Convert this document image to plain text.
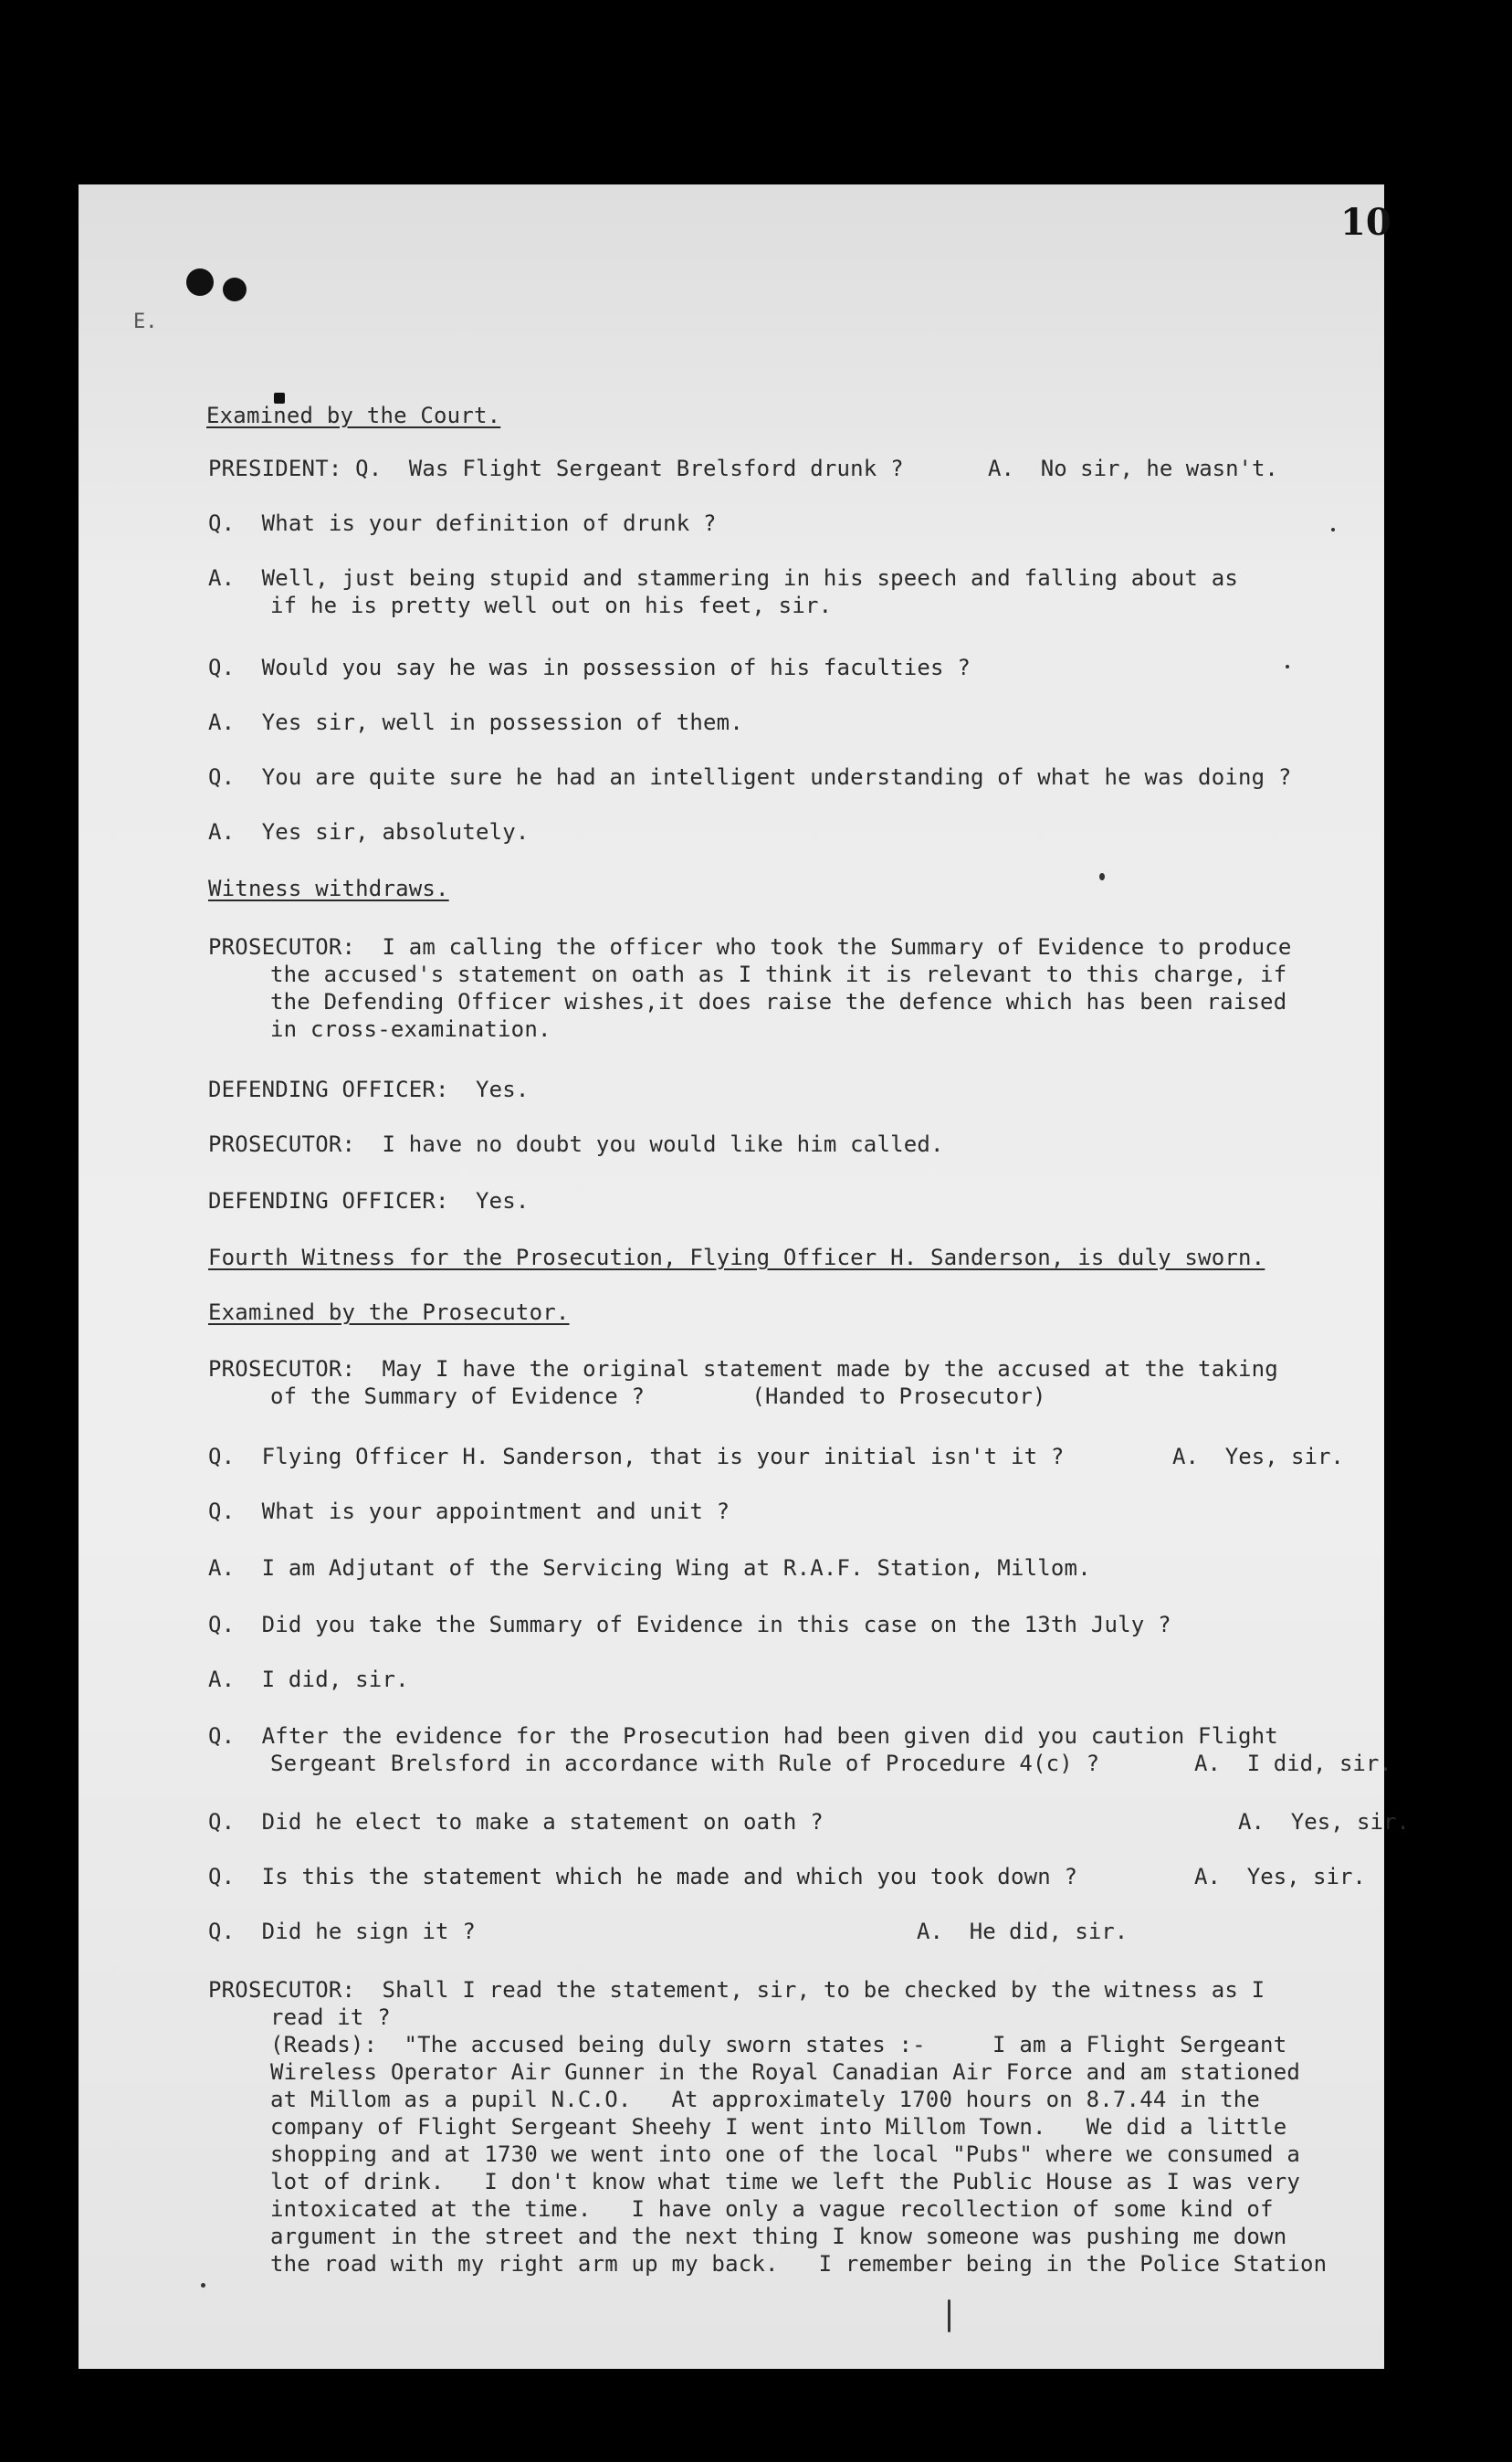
10
E.
Examined by the Court.
PRESIDENT: Q.  Was Flight Sergeant Brelsford drunk ?	A.  No sir, he wasn't.
Q.  What is your definition of drunk ?
A.  Well, just being stupid and stammering in his speech and falling about as
if he is pretty well out on his feet, sir.
Q.  Would you say he was in possession of his faculties ?
A.  Yes sir, well in possession of them.
Q.  You are quite sure he had an intelligent understanding of what he was doing ?
A.  Yes sir, absolutely.
Witness withdraws.
PROSECUTOR:  I am calling the officer who took the Summary of Evidence to produce
the accused's statement on oath as I think it is relevant to this charge, if
the Defending Officer wishes,it does raise the defence which has been raised
in cross-examination.
DEFENDING OFFICER:  Yes.
PROSECUTOR:  I have no doubt you would like him called.
DEFENDING OFFICER:  Yes.
Fourth Witness for the Prosecution, Flying Officer H. Sanderson, is duly sworn.
Examined by the Prosecutor.
PROSECUTOR:  May I have the original statement made by the accused at the taking
of the Summary of Evidence ?        (Handed to Prosecutor)
Q.  Flying Officer H. Sanderson, that is your initial isn't it ?	A.  Yes, sir.
Q.  What is your appointment and unit ?
A.  I am Adjutant of the Servicing Wing at R.A.F. Station, Millom.
Q.  Did you take the Summary of Evidence in this case on the 13th July ?
A.  I did, sir.
Q.  After the evidence for the Prosecution had been given did you caution Flight
Sergeant Brelsford in accordance with Rule of Procedure 4(c) ?	A.  I did, sir.
Q.  Did he elect to make a statement on oath ?	A.  Yes, sir.
Q.  Is this the statement which he made and which you took down ?	A.  Yes, sir.
Q.  Did he sign it ?	A.  He did, sir.
PROSECUTOR:  Shall I read the statement, sir, to be checked by the witness as I
read it ?
(Reads):  "The accused being duly sworn states :-     I am a Flight Sergeant
Wireless Operator Air Gunner in the Royal Canadian Air Force and am stationed
at Millom as a pupil N.C.O.   At approximately 1700 hours on 8.7.44 in the
company of Flight Sergeant Sheehy I went into Millom Town.   We did a little
shopping and at 1730 we went into one of the local "Pubs" where we consumed a
lot of drink.   I don't know what time we left the Public House as I was very
intoxicated at the time.   I have only a vague recollection of some kind of
argument in the street and the next thing I know someone was pushing me down
the road with my right arm up my back.   I remember being in the Police Station
